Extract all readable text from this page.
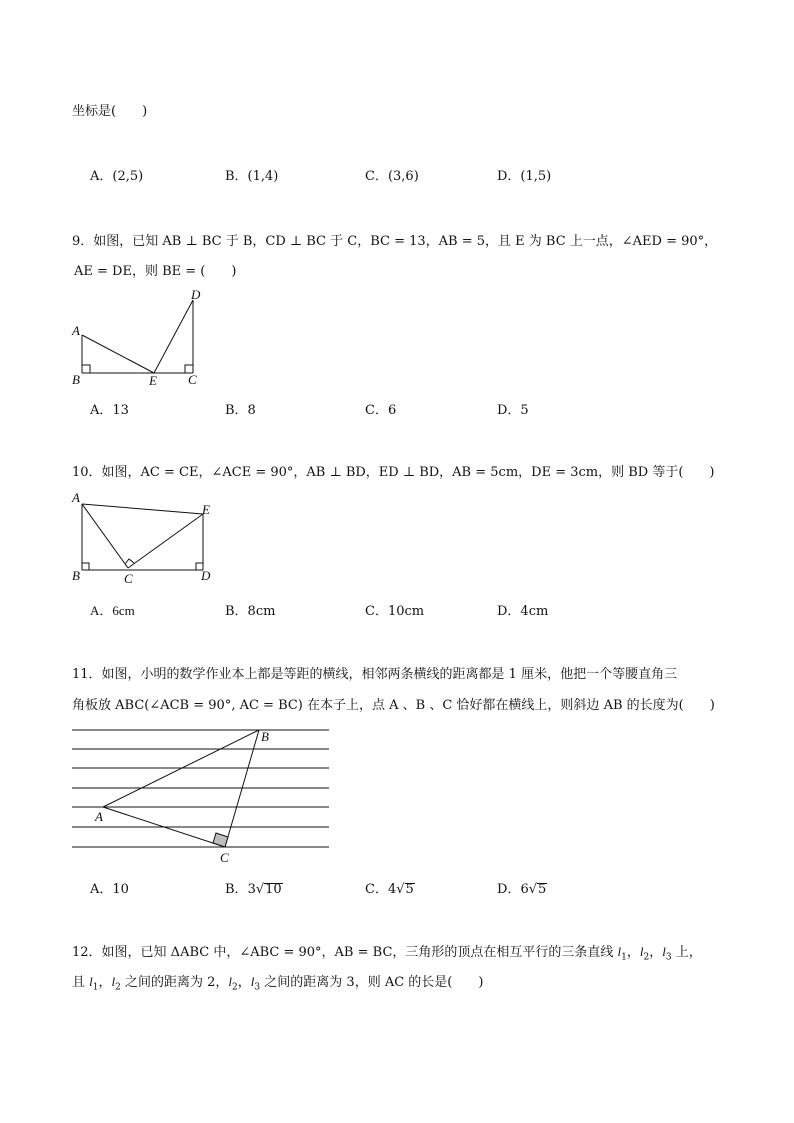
坐标是(　　)
A．(2,5)	B．(1,4)	C．(3,6)	D．(1,5)
9．如图，已知 AB ⊥ BC 于 B，CD ⊥ BC 于 C，BC = 13，AB = 5，且 E 为 BC 上一点，∠AED = 90°，
AE = DE，则 BE = (　　)
A
B	E C
D
A．13	B．8	C．6	D．5
10．如图，AC = CE，∠ACE = 90°，AB ⊥ BD，ED ⊥ BD，AB = 5cm，DE = 3cm，则 BD 等于(　　)
A
B	C	D
E
A．6cm	B．8cm	C．10cm	D．4cm
11．如图，小明的数学作业本上都是等距的横线，相邻两条横线的距离都是 1 厘米，他把一个等腰直角三
角板放 ABC(∠ACB = 90°, AC = BC) 在本子上，点 A 、B 、C 恰好都在横线上，则斜边 AB 的长度为(　　)
A
B
C
A．10	B．3√10	C．4√5	D．6√5
12．如图，已知 ΔABC 中，∠ABC = 90°，AB = BC，三角形的顶点在相互平行的三条直线 $l_1$，$l_2$，$l_3$ 上，
且 $l_1$，$l_2$ 之间的距离为 2，$l_2$，$l_3$ 之间的距离为 3，则 AC 的长是(　　)
